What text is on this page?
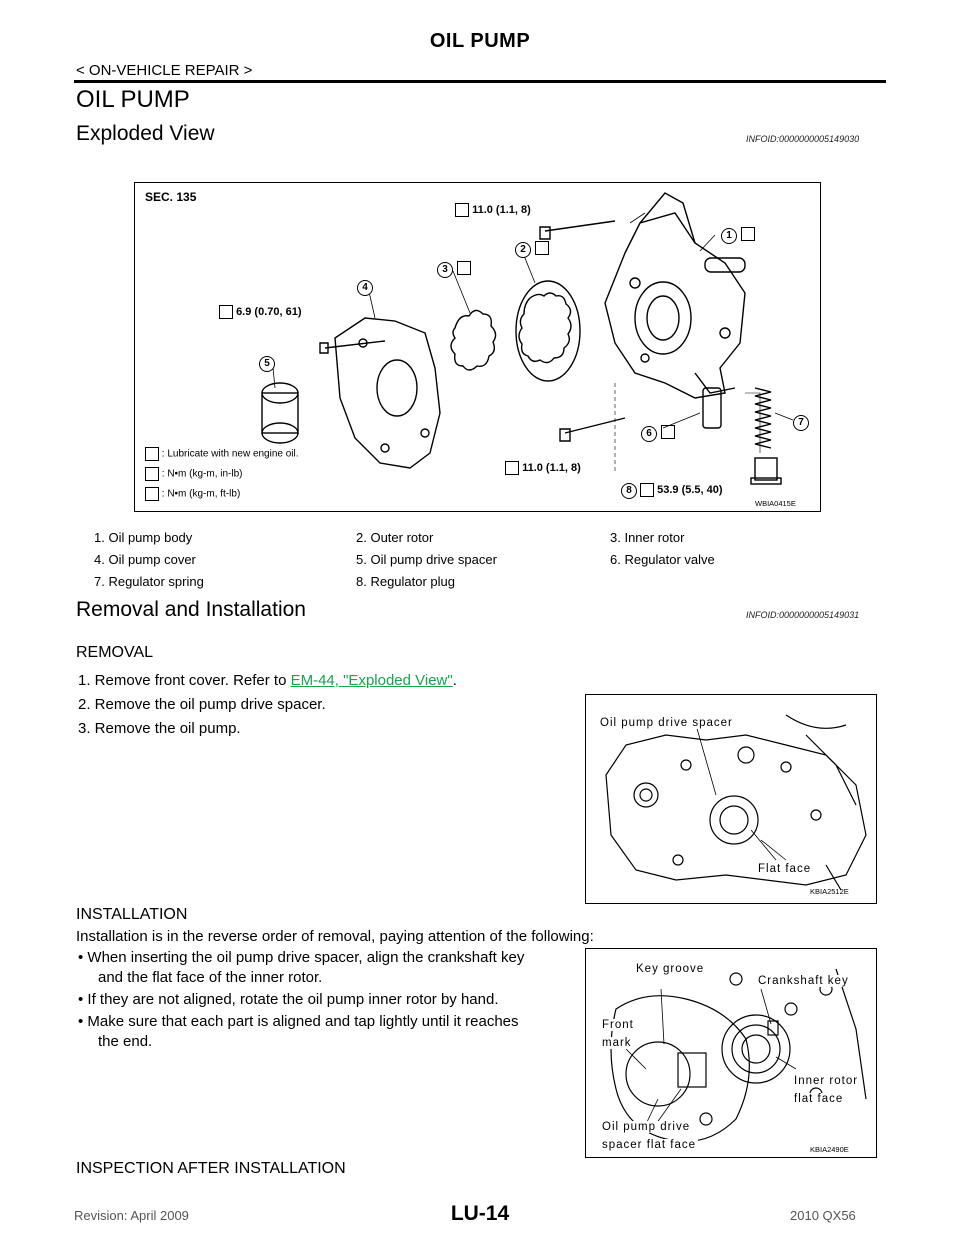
OIL PUMP
< ON-VEHICLE REPAIR >
OIL PUMP
Exploded View	INFOID:0000000005149030
SEC. 135
11.0 (1.1, 8)
6.9 (0.70, 61)
11.0 (1.1, 8)
8 53.9 (5.5, 40)
1
2
3
4
5
6
7
: Lubricate with new engine oil.
: N•m (kg-m, in-lb)
: N•m (kg-m, ft-lb)
WBIA0415E
1. Oil pump body	2. Outer rotor	3. Inner rotor
4. Oil pump cover	5. Oil pump drive spacer	6. Regulator valve
7. Regulator spring	8. Regulator plug
Removal and Installation	INFOID:0000000005149031
REMOVAL
1. Remove front cover. Refer to EM-44, "Exploded View".
2. Remove the oil pump drive spacer.
3. Remove the oil pump.	Oil pump drive spacer
Flat face
KBIA2512E
INSTALLATION
Installation is in the reverse order of removal, paying attention of the following:
• When inserting the oil pump drive spacer, align the crankshaft key
and the flat face of the inner rotor.
• If they are not aligned, rotate the oil pump inner rotor by hand.
• Make sure that each part is aligned and tap lightly until it reaches
the end.
Key groove
Crankshaft key
Front
mark
Inner rotor
flat face
Oil pump drive
spacer flat face	KBIA2490E
INSPECTION AFTER INSTALLATION
LU-14
Revision: April 2009	2010 QX56
